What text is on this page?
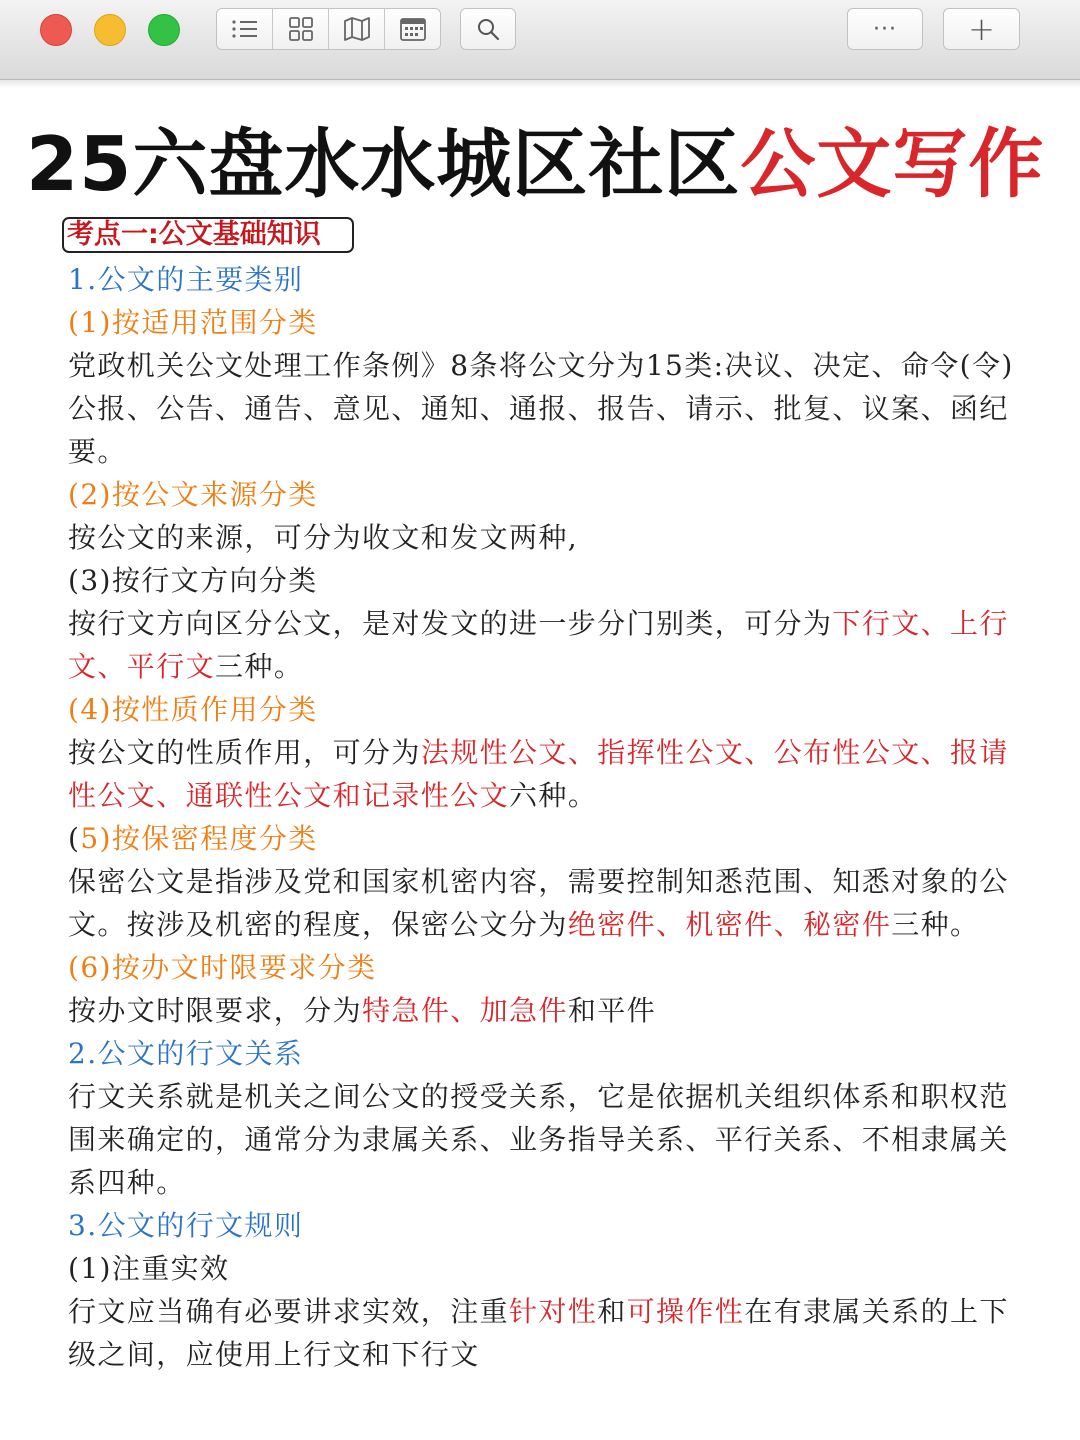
··· +
25六盘水水城区社区公文写作
考点一:公文基础知识

1.公文的主要类别

(1)按适用范围分类

党政机关公文处理工作条例》8条将公文分为15类:决议、决定、命令(令)公报、公告、通告、意见、通知、通报、报告、请示、批复、议案、函纪要。

(2)按公文来源分类

按公文的来源，可分为收文和发文两种,

(3)按行文方向分类

按行文方向区分公文，是对发文的进一步分门别类，可分为下行文、上行文、平行文三种。

(4)按性质作用分类

按公文的性质作用，可分为法规性公文、指挥性公文、公布性公文、报请性公文、通联性公文和记录性公文六种。

(5)按保密程度分类

保密公文是指涉及党和国家机密内容，需要控制知悉范围、知悉对象的公文。按涉及机密的程度，保密公文分为绝密件、机密件、秘密件三种。

(6)按办文时限要求分类

按办文时限要求，分为特急件、加急件和平件

2.公文的行文关系

行文关系就是机关之间公文的授受关系，它是依据机关组织体系和职权范围来确定的，通常分为隶属关系、业务指导关系、平行关系、不相隶属关系四种。

3.公文的行文规则

(1)注重实效

行文应当确有必要讲求实效，注重针对性和可操作性在有隶属关系的上下级之间，应使用上行文和下行文
